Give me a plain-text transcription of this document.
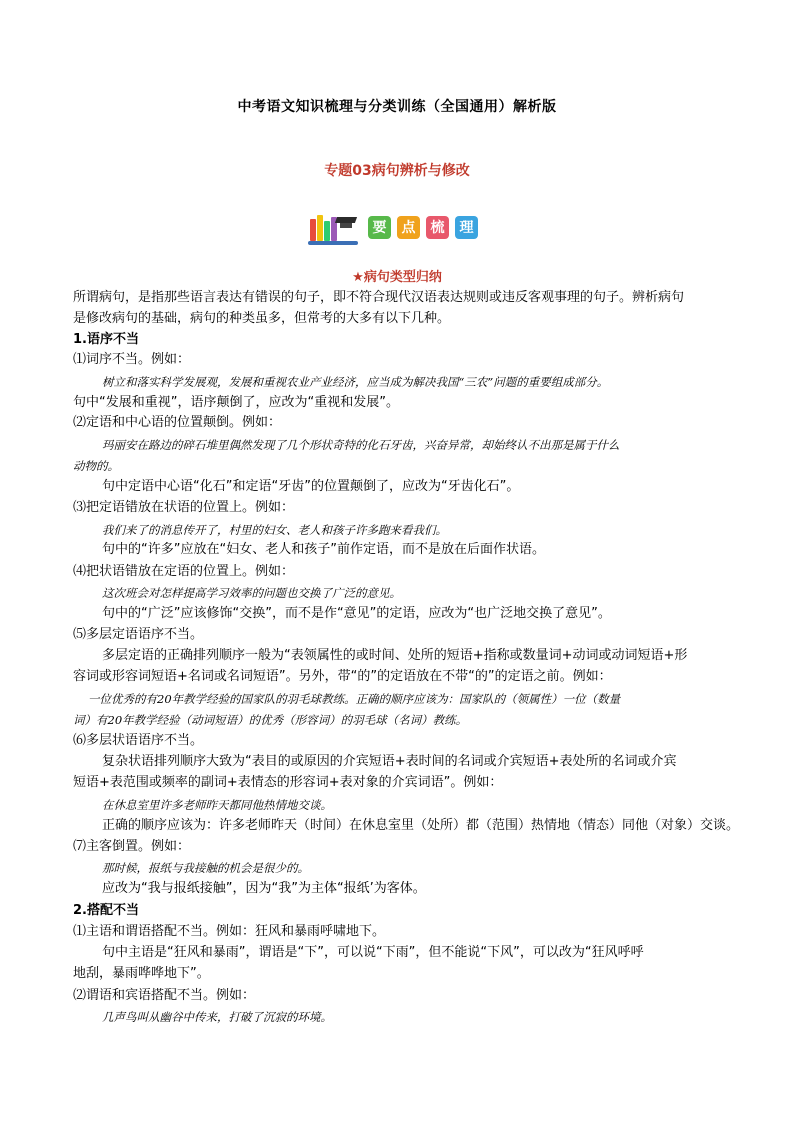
中考语文知识梳理与分类训练（全国通用）解析版
专题03病句辨析与修改
要	点	梳	理
★病句类型归纳
所谓病句，是指那些语言表达有错误的句子，即不符合现代汉语表达规则或违反客观事理的句子。辨析病句
是修改病句的基础，病句的种类虽多，但常考的大多有以下几种。
1.语序不当
⑴词序不当。例如：
树立和落实科学发展观，发展和重视农业产业经济，应当成为解决我国“三农”问题的重要组成部分。
句中“发展和重视”，语序颠倒了，应改为“重视和发展”。
⑵定语和中心语的位置颠倒。例如：
玛丽安在路边的碎石堆里偶然发现了几个形状奇特的化石牙齿，兴奋异常，却始终认不出那是属于什么
动物的。
句中定语中心语“化石”和定语“牙齿”的位置颠倒了，应改为“牙齿化石”。
⑶把定语错放在状语的位置上。例如：
我们来了的消息传开了，村里的妇女、老人和孩子许多跑来看我们。
句中的“许多”应放在“妇女、老人和孩子”前作定语，而不是放在后面作状语。
⑷把状语错放在定语的位置上。例如：
这次班会对怎样提高学习效率的问题也交换了广泛的意见。
句中的“广泛”应该修饰“交换”，而不是作“意见”的定语，应改为“也广泛地交换了意见”。
⑸多层定语语序不当。
多层定语的正确排列顺序一般为“表领属性的或时间、处所的短语+指称或数量词+动词或动词短语+形
容词或形容词短语+名词或名词短语”。另外，带“的”的定语放在不带“的”的定语之前。例如：
一位优秀的有20年教学经验的国家队的羽毛球教练。正确的顺序应该为：国家队的（领属性）一位（数量
词）有20年教学经验（动词短语）的优秀（形容词）的羽毛球（名词）教练。
⑹多层状语语序不当。
复杂状语排列顺序大致为“表目的或原因的介宾短语+表时间的名词或介宾短语+表处所的名词或介宾
短语+表范围或频率的副词+表情态的形容词+表对象的介宾词语”。例如：
在休息室里许多老师昨天都同他热情地交谈。
正确的顺序应该为：许多老师昨天（时间）在休息室里（处所）都（范围）热情地（情态）同他（对象）交谈。
⑺主客倒置。例如：
那时候，报纸与我接触的机会是很少的。
应改为“我与报纸接触”，因为“我”为主体“报纸’为客体。
2.搭配不当
⑴主语和谓语搭配不当。例如：狂风和暴雨呼啸地下。
句中主语是“狂风和暴雨”，谓语是“下”，可以说“下雨”，但不能说“下风”，可以改为“狂风呼呼
地刮，暴雨哗哗地下”。
⑵谓语和宾语搭配不当。例如：
几声鸟叫从幽谷中传来，打破了沉寂的环境。
